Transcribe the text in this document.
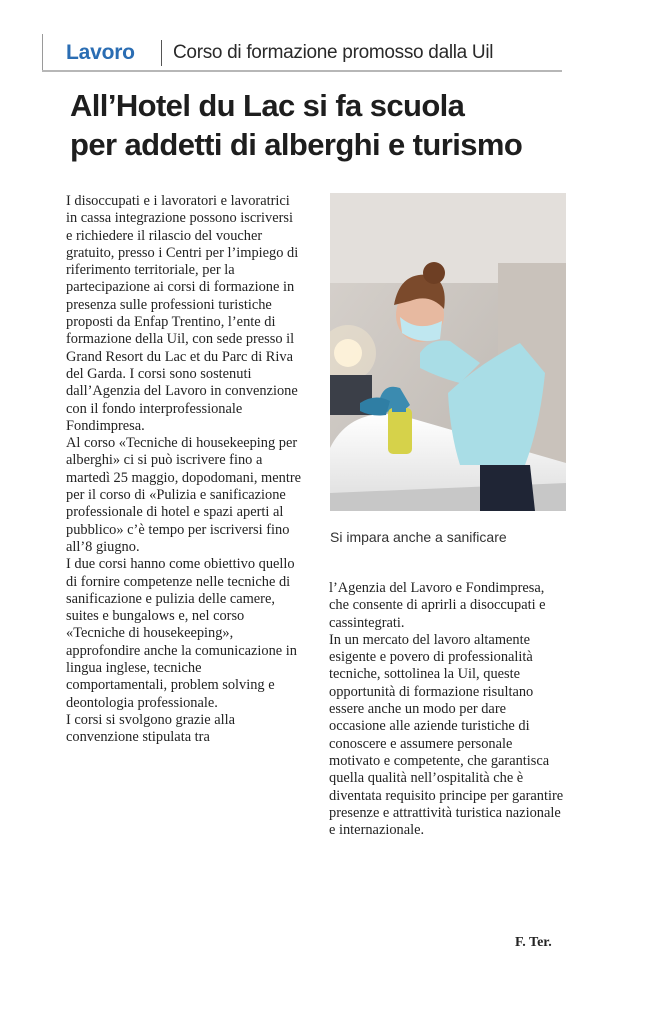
Lavoro Corso di formazione promosso dalla Uil
All’Hotel du Lac si fa scuola
per addetti di alberghi e turismo

I disoccupati e i lavoratori e lavoratrici in cassa integrazione possono iscriversi e richiedere il rilascio del voucher gratuito, presso i Centri per l’impiego di riferimento territoriale, per la partecipazione ai corsi di formazione in presenza sulle professioni turistiche proposti da Enfap Trentino, l’ente di formazione della Uil, con sede presso il Grand Resort du Lac et du Parc di Riva del Garda. I corsi sono sostenuti dall’Agenzia del Lavoro in convenzione con il fondo interprofessionale Fondimpresa.

Al corso «Tecniche di housekeeping per alberghi» ci si può iscrivere fino a martedì 25 maggio, dopodomani, mentre per il corso di «Pulizia e sanificazione professionale di hotel e spazi aperti al pubblico» c’è tempo per iscriversi fino all’8 giugno.

I due corsi hanno come obiettivo quello di fornire competenze nelle tecniche di sanificazione e pulizia delle camere, suites e bungalows e, nel corso «Tecniche di housekeeping», approfondire anche la comunicazione in lingua inglese, tecniche comportamentali, problem solving e deontologia professionale.

I corsi si svolgono grazie alla convenzione stipulata tra

Si impara anche a sanificare

l’Agenzia del Lavoro e Fondimpresa, che consente di aprirli a disoccupati e cassintegrati.

In un mercato del lavoro altamente esigente e povero di professionalità tecniche, sottolinea la Uil, queste opportunità di formazione risultano essere anche un modo per dare occasione alle aziende turistiche di conoscere e assumere personale motivato e competente, che garantisca quella qualità nell’ospitalità che è diventata requisito principe per garantire presenze e attrattività turistica nazionale e internazionale.

F. Ter.
